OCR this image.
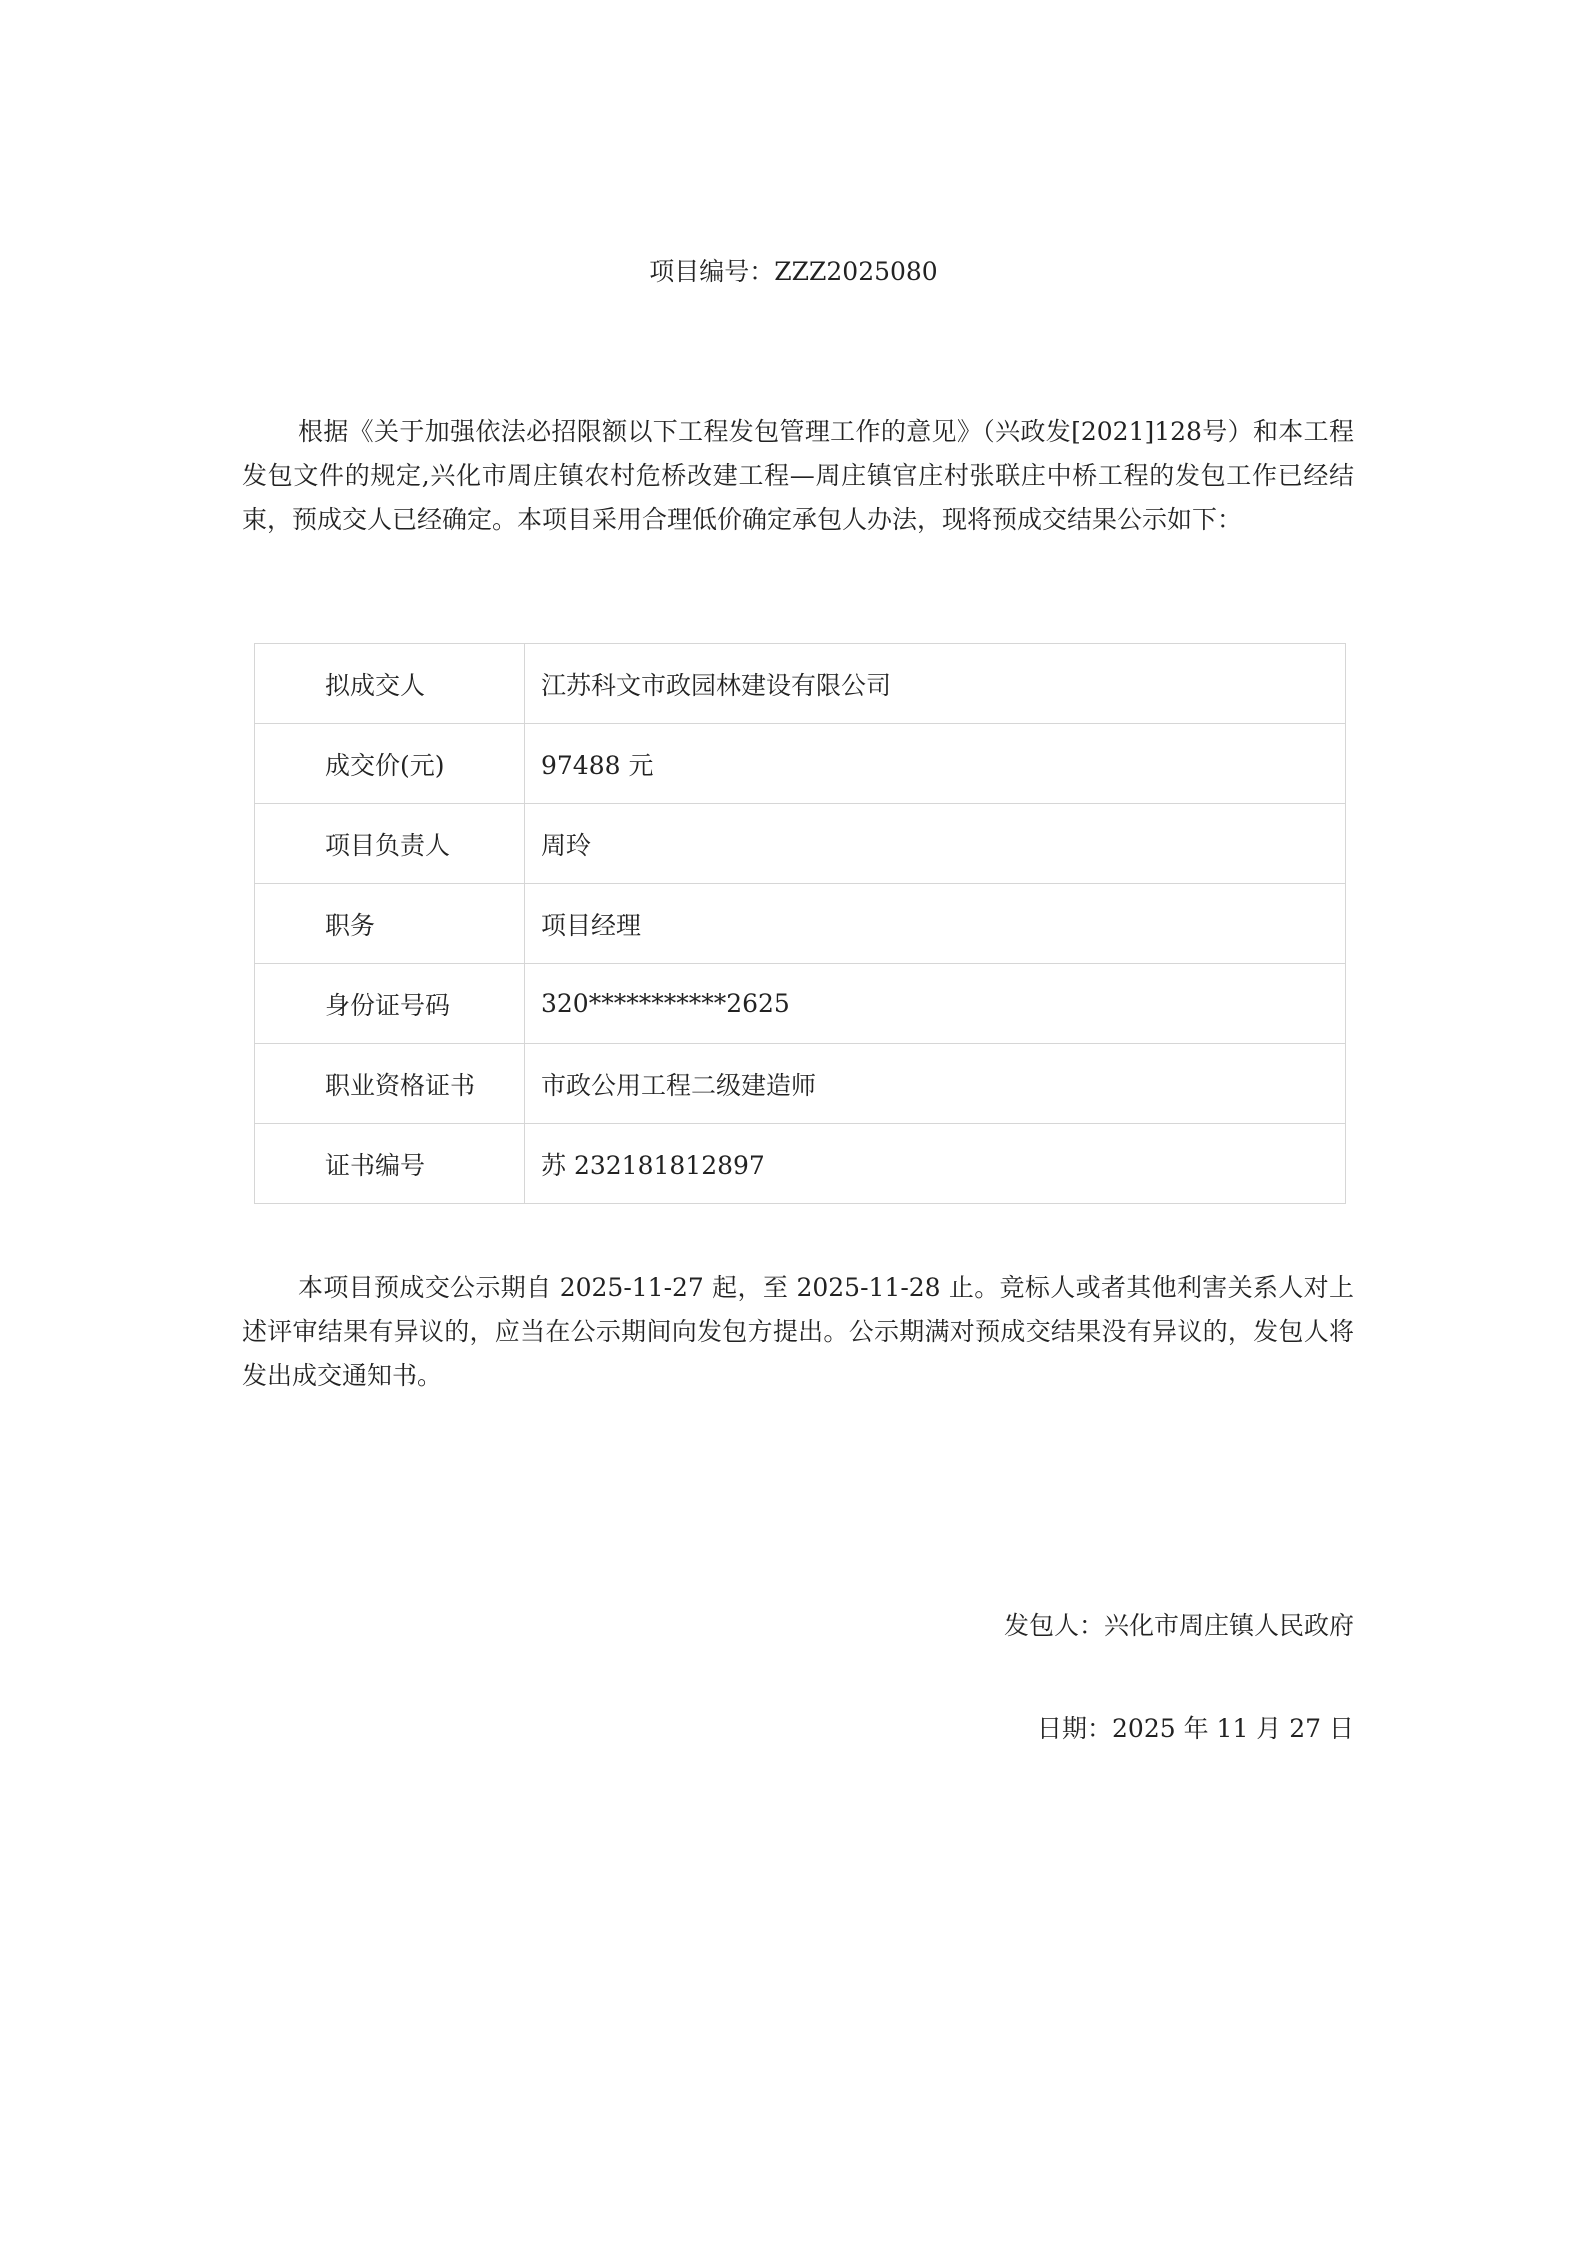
项目编号：ZZZ2025080

根据《关于加强依法必招限额以下工程发包管理工作的意见》（兴政发[2021]128号）和本工程发包文件的规定,兴化市周庄镇农村危桥改建工程—周庄镇官庄村张联庄中桥工程的发包工作已经结束，预成交人已经确定。本项目采用合理低价确定承包人办法，现将预成交结果公示如下：

拟成交人	江苏科文市政园林建设有限公司
成交价(元)	97488 元
项目负责人	周玲
职务	项目经理
身份证号码	320***********2625
职业资格证书	市政公用工程二级建造师
证书编号	苏 232181812897

本项目预成交公示期自 2025-11-27 起，至 2025-11-28 止。竞标人或者其他利害关系人对上述评审结果有异议的，应当在公示期间向发包方提出。公示期满对预成交结果没有异议的，发包人将发出成交通知书。

发包人：兴化市周庄镇人民政府
日期：2025 年 11 月 27 日
